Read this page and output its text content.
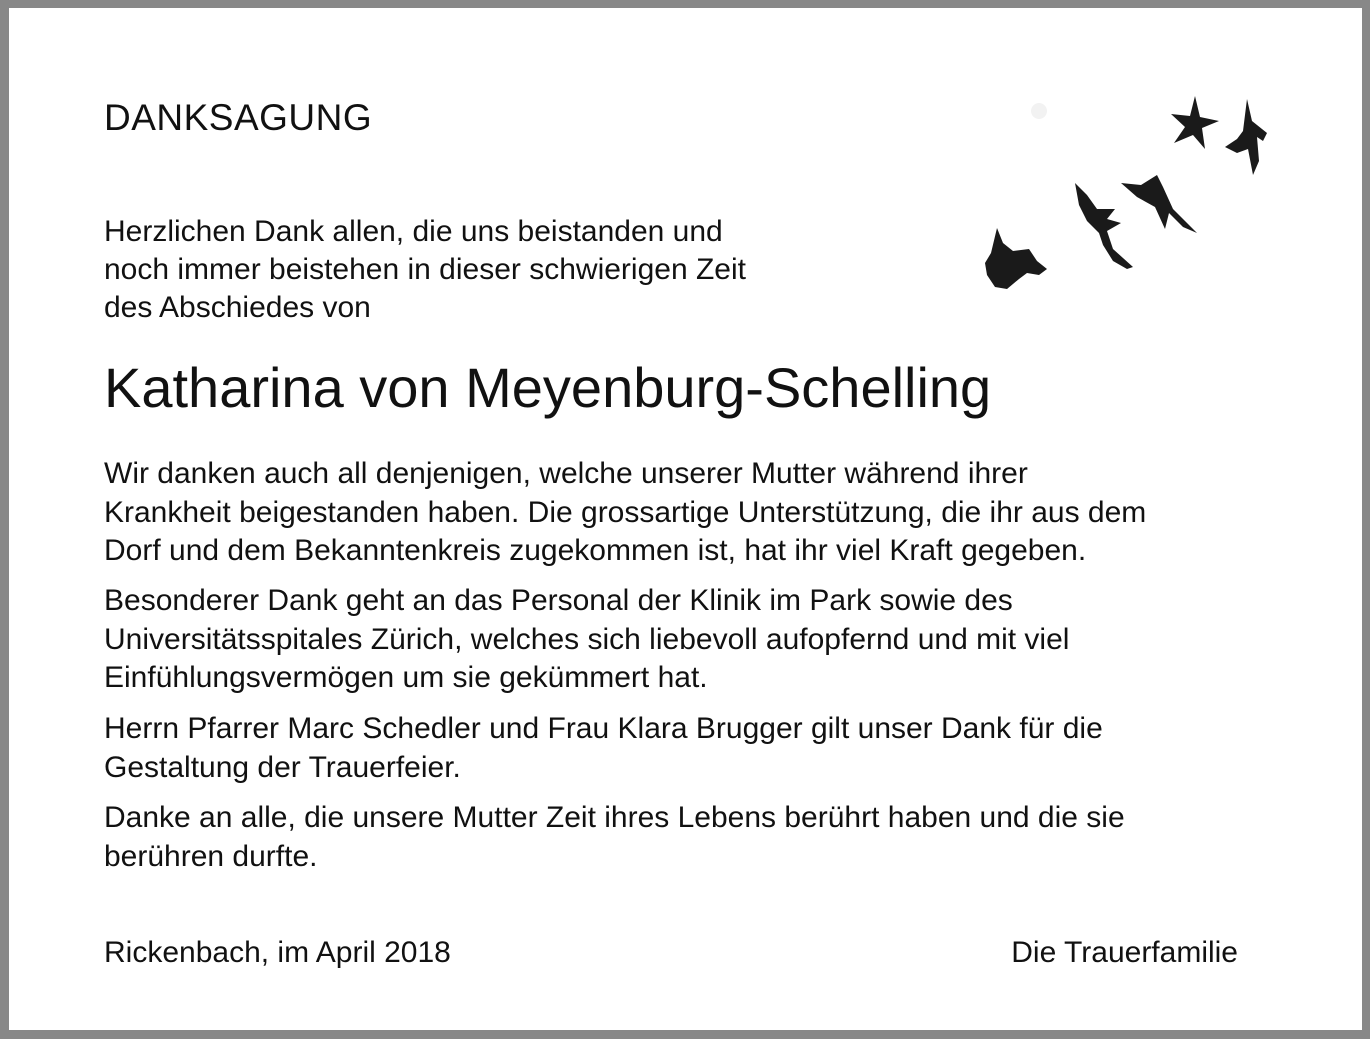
DANKSAGUNG
Herzlichen Dank allen, die uns beistanden und
noch immer beistehen in dieser schwierigen Zeit
des Abschiedes von
Katharina von Meyenburg-Schelling
Wir danken auch all denjenigen, welche unserer Mutter während ihrer
Krankheit beigestanden haben. Die grossartige Unterstützung, die ihr aus dem
Dorf und dem Bekanntenkreis zugekommen ist, hat ihr viel Kraft gegeben.
Besonderer Dank geht an das Personal der Klinik im Park sowie des
Universitätsspitales Zürich, welches sich liebevoll aufopfernd und mit viel
Einfühlungsvermögen um sie gekümmert hat.
Herrn Pfarrer Marc Schedler und Frau Klara Brugger gilt unser Dank für die
Gestaltung der Trauerfeier.
Danke an alle, die unsere Mutter Zeit ihres Lebens berührt haben und die sie
berühren durfte.
Rickenbach, im April 2018	Die Trauerfamilie
